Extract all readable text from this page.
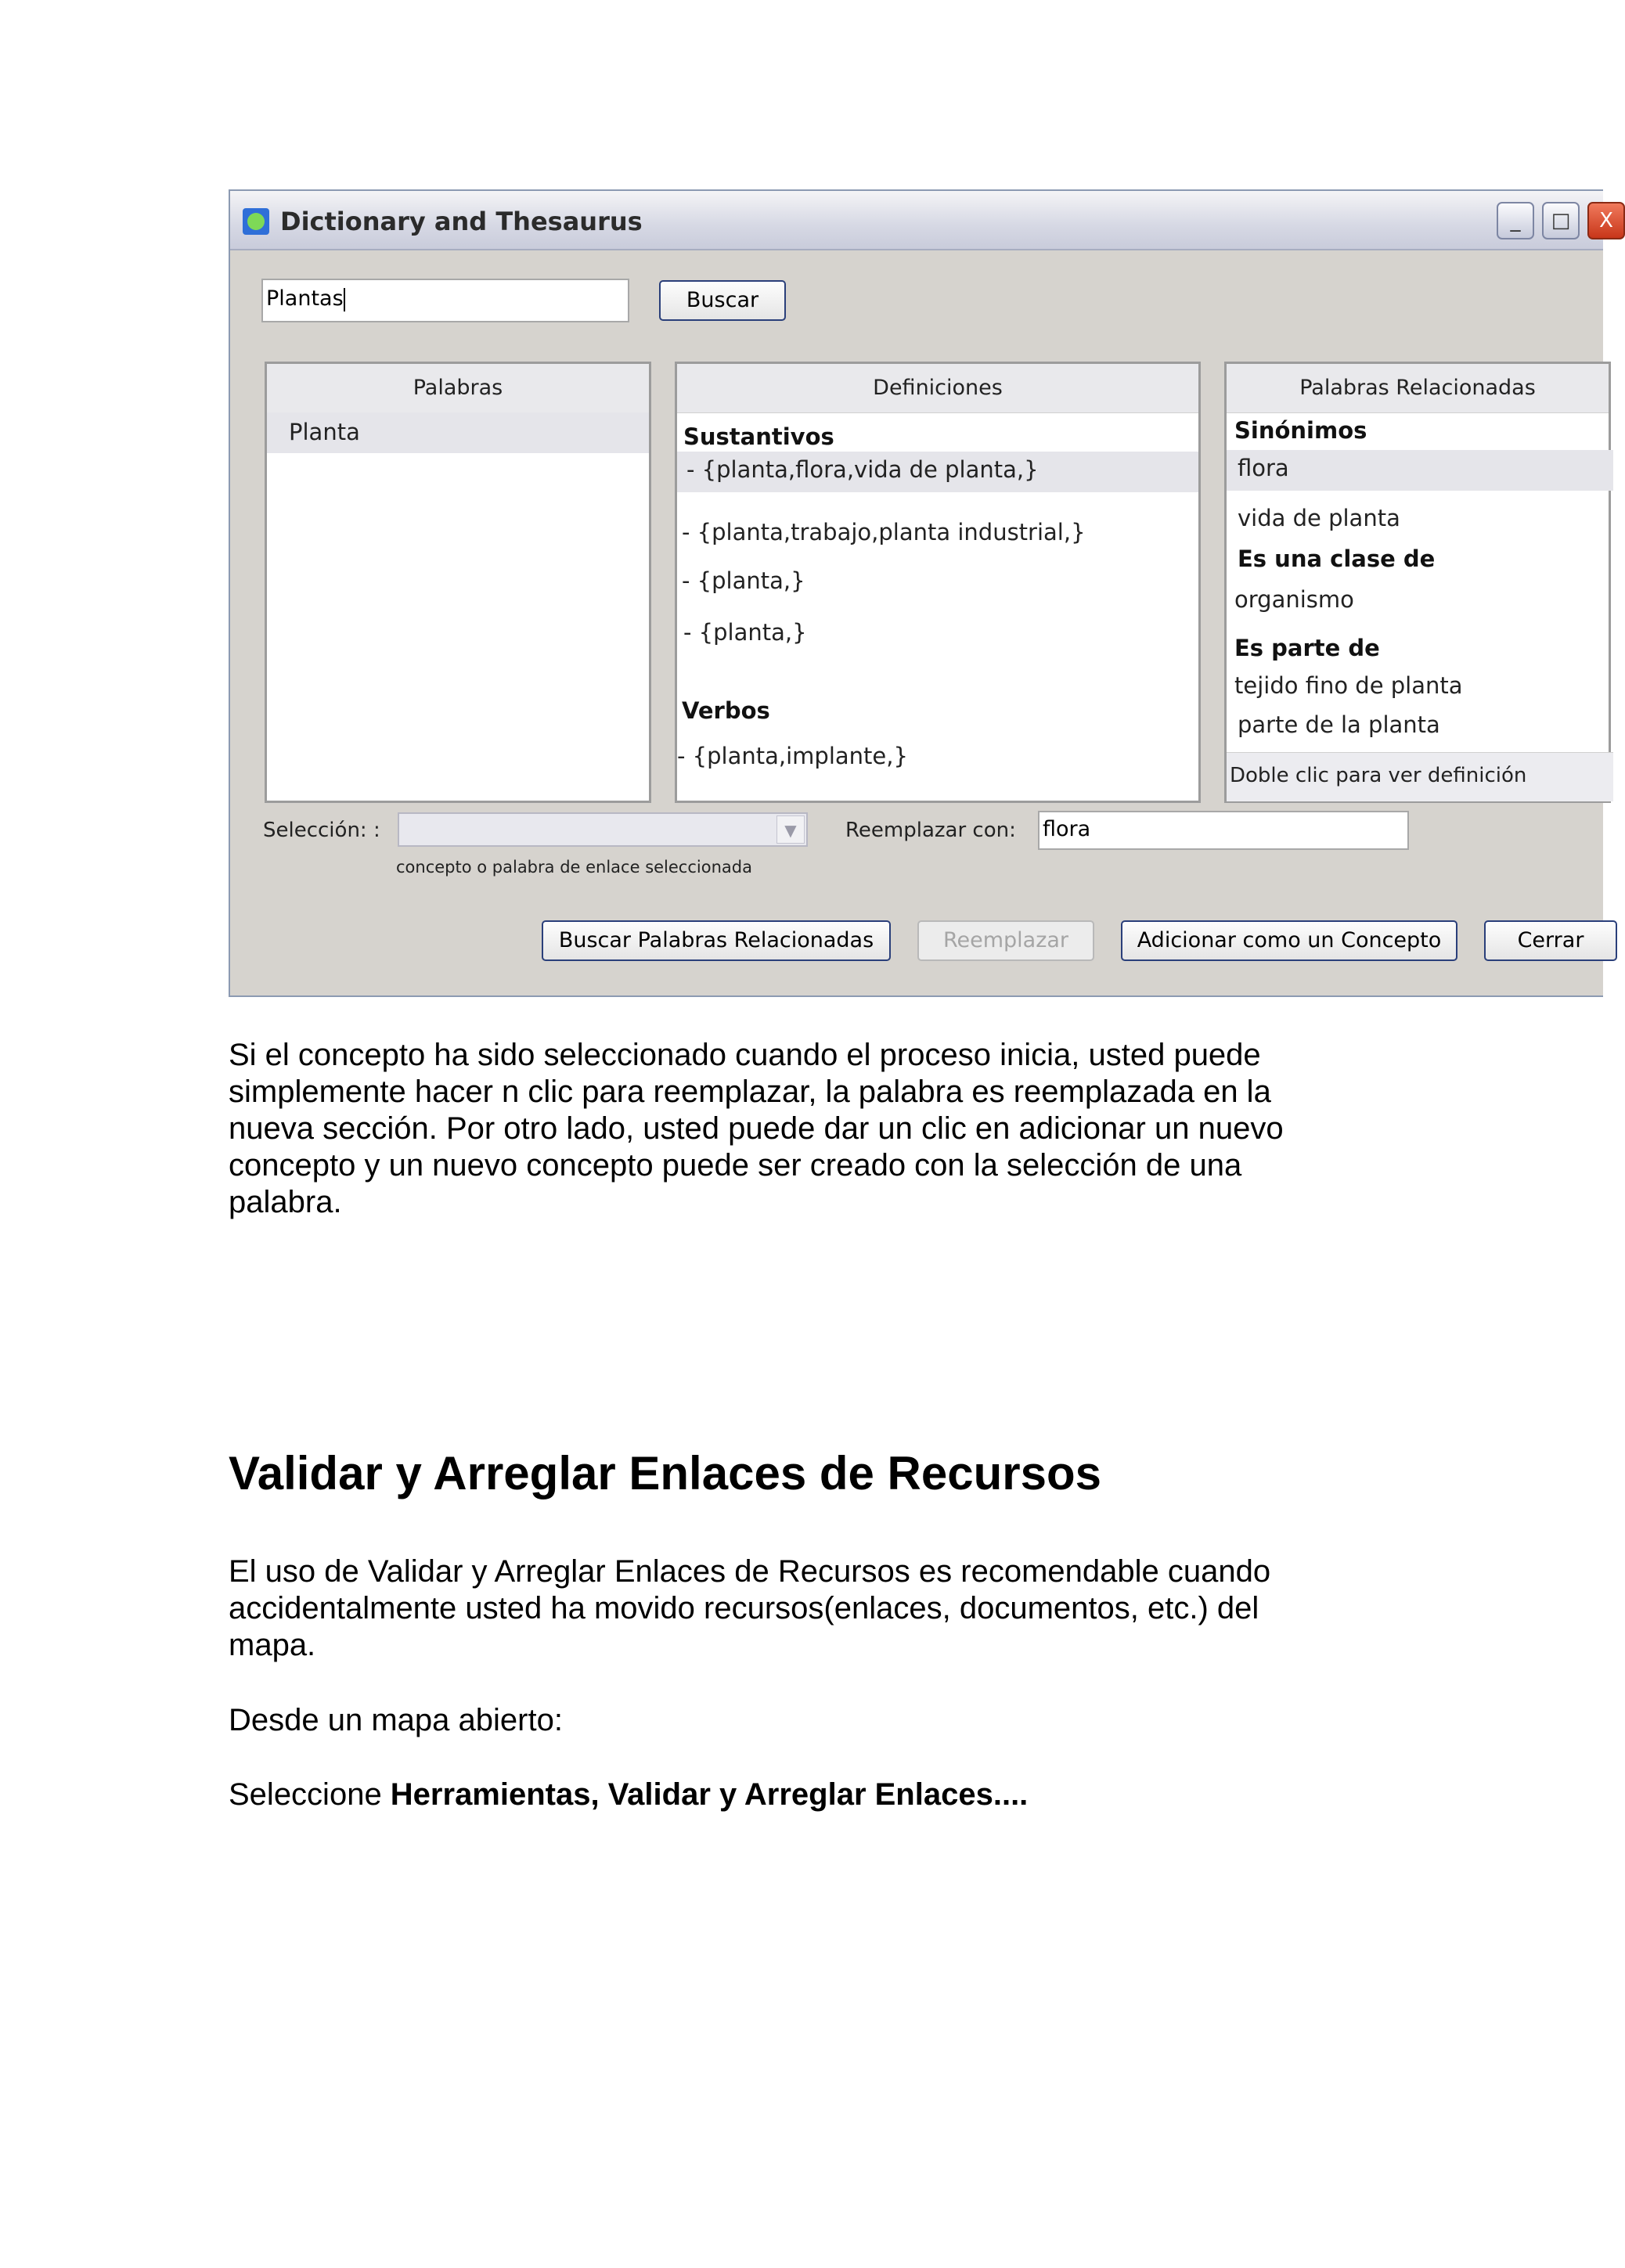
Dictionary and Thesaurus	_	□	X
Plantas	Buscar
Palabras
Planta
Definiciones
Sustantivos
- {planta,flora,vida de planta,}
- {planta,trabajo,planta industrial,}
- {planta,}
- {planta,}
Verbos
- {planta,implante,}
Palabras Relacionadas
Sinónimos
flora
vida de planta
Es una clase de
organismo
Es parte de
tejido fino de planta
parte de la planta
Doble clic para ver definición
Selección: :	▼
concepto o palabra de enlace seleccionada
Reemplazar con: flora
Buscar Palabras Relacionadas	Reemplazar	Adicionar como un Concepto	Cerrar
Si el concepto ha sido seleccionado cuando el proceso inicia, usted puede
simplemente hacer n clic para reemplazar, la palabra es reemplazada en la
nueva sección. Por otro lado, usted puede dar un clic en adicionar un nuevo
concepto y un nuevo concepto puede ser creado con la selección de una
palabra.
Validar y Arreglar Enlaces de Recursos
El uso de Validar y Arreglar Enlaces de Recursos es recomendable cuando
accidentalmente usted ha movido recursos(enlaces, documentos, etc.) del
mapa.
Desde un mapa abierto:
Seleccione Herramientas, Validar y Arreglar Enlaces....
